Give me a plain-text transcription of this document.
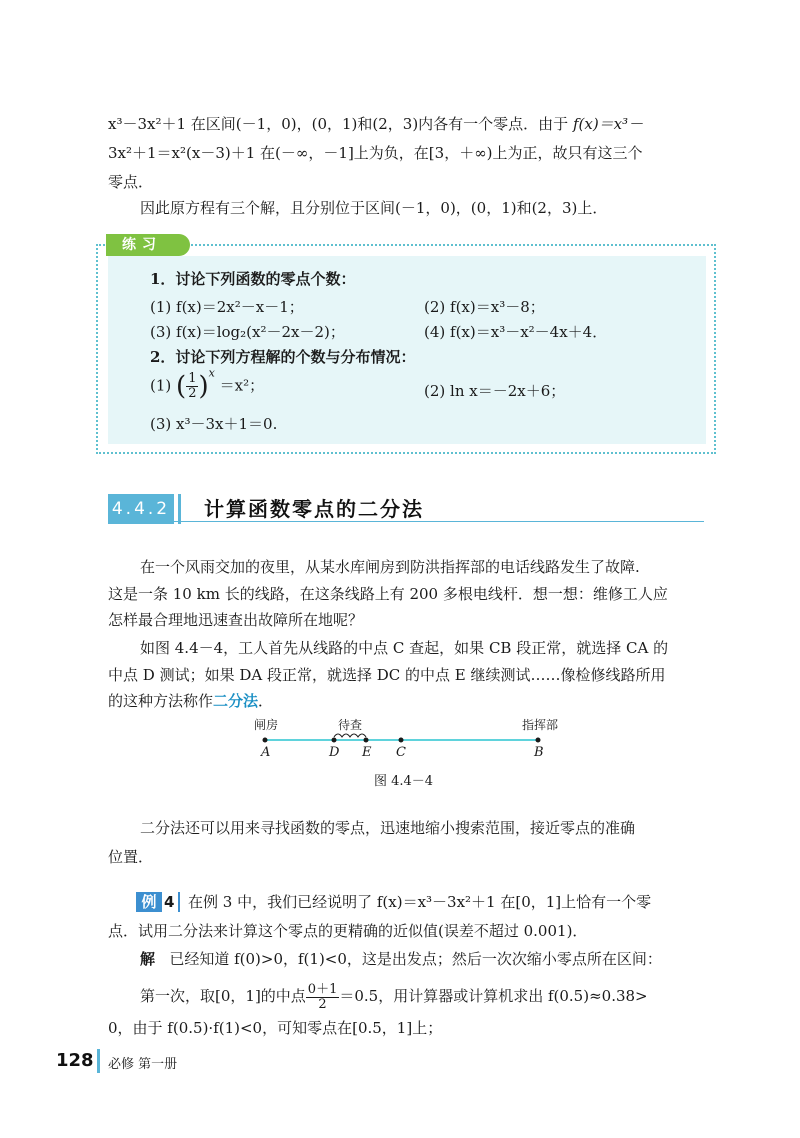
x³－3x²＋1 在区间(－1，0)，(0，1)和(2，3)内各有一个零点．由于 f(x)＝x³－
3x²＋1＝x²(x－3)＋1 在(－∞，－1]上为负，在[3，＋∞)上为正，故只有这三个
零点．
因此原方程有三个解，且分别位于区间(－1，0)，(0，1)和(2，3)上．
练习
1．讨论下列函数的零点个数：
(1) f(x)＝2x²－x－1；	(2) f(x)＝x³－8；
(3) f(x)＝log₂(x²－2x－2)；	(4) f(x)＝x³－x²－4x＋4．
2．讨论下列方程解的个数与分布情况：
(1) ( $\frac{1}{2} )^x =x^2$；	(2) ln x＝－2x＋6；
(3) x³－3x＋1＝0.
4.4.2 计算函数零点的二分法
在一个风雨交加的夜里，从某水库闸房到防洪指挥部的电话线路发生了故障.
这是一条 10 km 长的线路，在这条线路上有 200 多根电线杆．想一想：维修工人应
怎样最合理地迅速查出故障所在地呢？
如图 4.4－4，工人首先从线路的中点 C 查起，如果 CB 段正常，就选择 CA 的
中点 D 测试；如果 DA 段正常，就选择 DC 的中点 E 继续测试……像检修线路所用
的这种方法称作二分法．
闸房	待查	指挥部
A	D E C	B
图 4.4－4
二分法还可以用来寻找函数的零点，迅速地缩小搜索范围，接近零点的准确
位置．
例 4 在例 3 中，我们已经说明了 f(x)＝x³－3x²＋1 在[0，1]上恰有一个零
点．试用二分法来计算这个零点的更精确的近似值(误差不超过 0.001)．
解 已经知道 f(0)>0，f(1)<0，这是出发点；然后一次次缩小零点所在区间：
第一次，取[0，1]的中点 $\frac{0+1}{2} =0.5$，用计算器或计算机求出 f(0.5)≈0.38>
0，由于 f(0.5)·f(1)<0，可知零点在[0.5，1]上；
128 必修 第一册
